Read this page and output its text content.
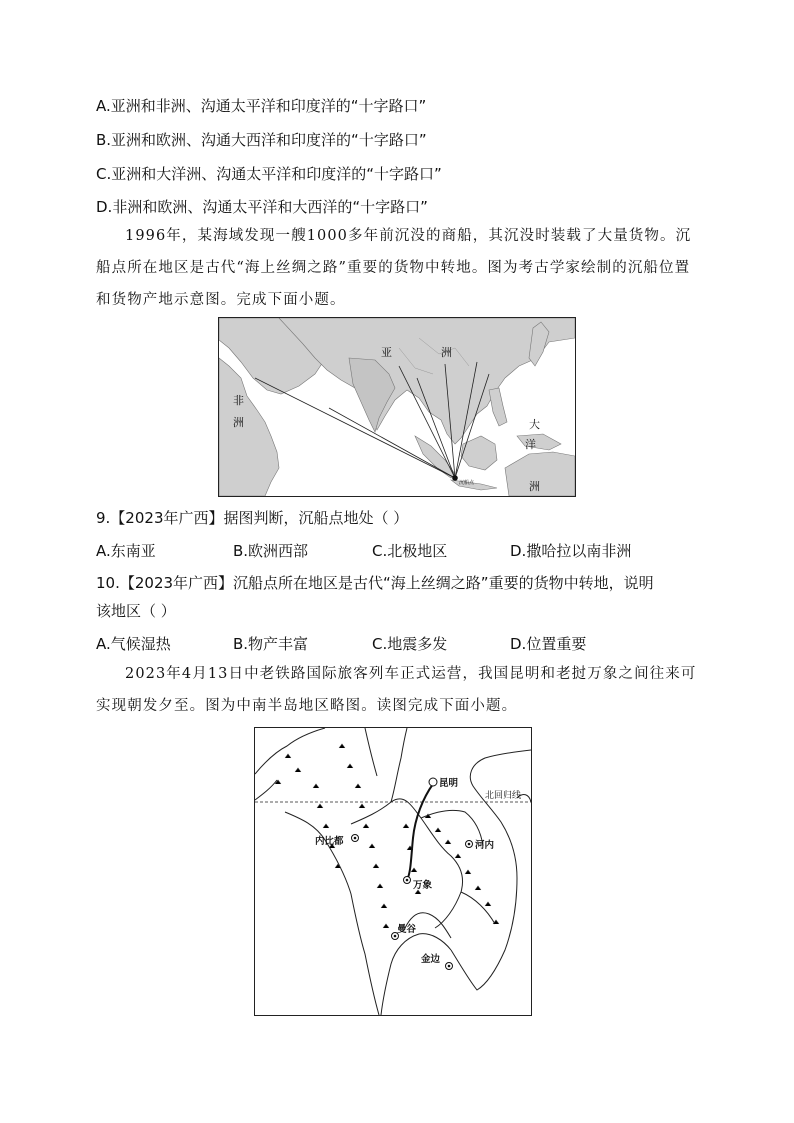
A.亚洲和非洲、沟通太平洋和印度洋的“十字路口”
B.亚洲和欧洲、沟通大西洋和印度洋的“十字路口”
C.亚洲和大洋洲、沟通太平洋和印度洋的“十字路口”
D.非洲和欧洲、沟通太平洋和大西洋的“十字路口”
1996年，某海域发现一艘1000多年前沉没的商船，其沉没时装载了大量货物。沉船点所在地区是古代“海上丝绸之路”重要的货物中转地。图为考古学家绘制的沉船位置和货物产地示意图。完成下面小题。
沉船点
亚	洲
非
洲	大
洋
洲
9.【2023年广西】据图判断，沉船点地处（ ）
A.东南亚	B.欧洲西部	C.北极地区	D.撒哈拉以南非洲
10.【2023年广西】沉船点所在地区是古代“海上丝绸之路”重要的货物中转地，说明
该地区（ ）
A.气候湿热	B.物产丰富	C.地震多发	D.位置重要
2023年4月13日中老铁路国际旅客列车正式运营，我国昆明和老挝万象之间往来可实现朝发夕至。图为中南半岛地区略图。读图完成下面小题。
北回归线
昆明
内比都	河内
万象
曼谷
金边
